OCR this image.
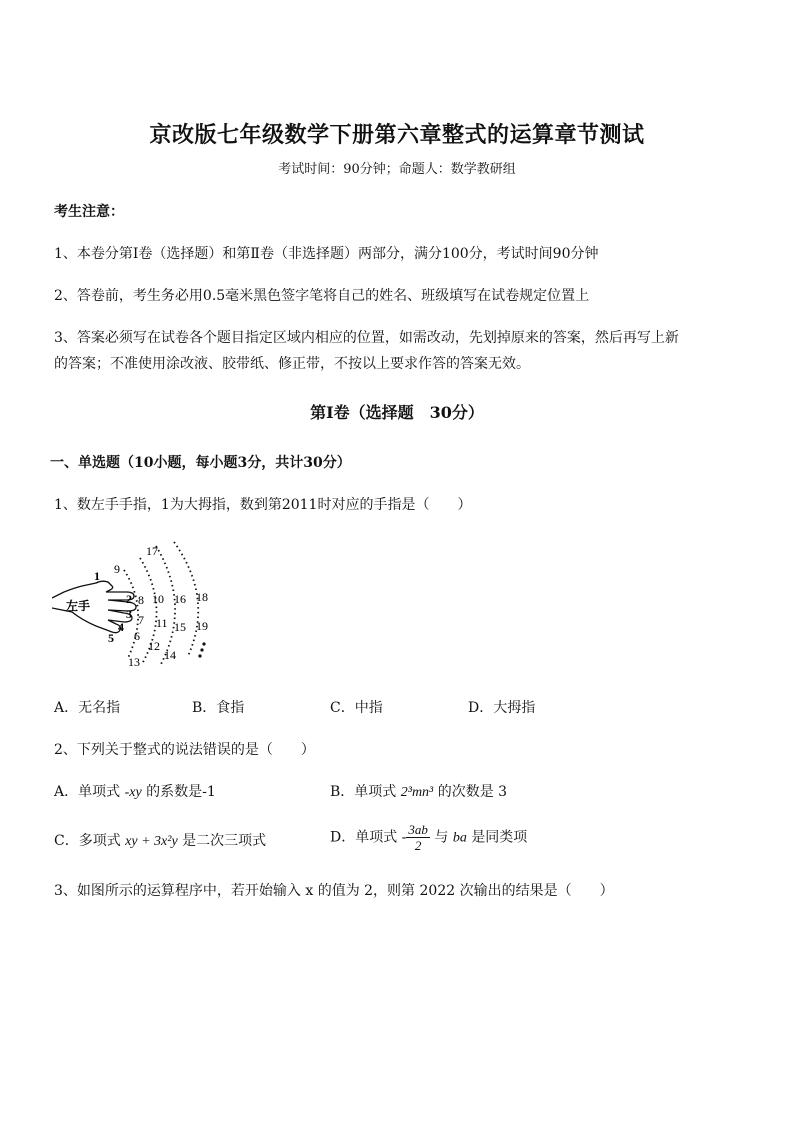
京改版七年级数学下册第六章整式的运算章节测试
考试时间：90分钟；命题人：数学教研组
考生注意：
1、本卷分第Ⅰ卷（选择题）和第Ⅱ卷（非选择题）两部分，满分100分，考试时间90分钟
2、答卷前，考生务必用0.5毫米黑色签字笔将自己的姓名、班级填写在试卷规定位置上
3、答案必须写在试卷各个题目指定区域内相应的位置，如需改动，先划掉原来的答案，然后再写上新
的答案；不准使用涂改液、胶带纸、修正带，不按以上要求作答的答案无效。
第Ⅰ卷（选择题　30分）
一、单选题（10小题，每小题3分，共计30分）
1、数左手手指，1为大拇指，数到第2011时对应的手指是（　　）
左手
1
2
3
4
5 6
7
8
9
10
11
12
13 14
15
16
17
18
19
A．无名指	B．食指	C．中指	D．大拇指
2、下列关于整式的说法错误的是（　　）
A．单项式 -xy 的系数是-1	B．单项式 2³mn³ 的次数是 3
C．多项式 xy + 3x²y 是二次三项式	D．单项式 - $\frac{3ab}{2}$ 与 ba 是同类项
3、如图所示的运算程序中，若开始输入 x 的值为 2，则第 2022 次输出的结果是（　　）
